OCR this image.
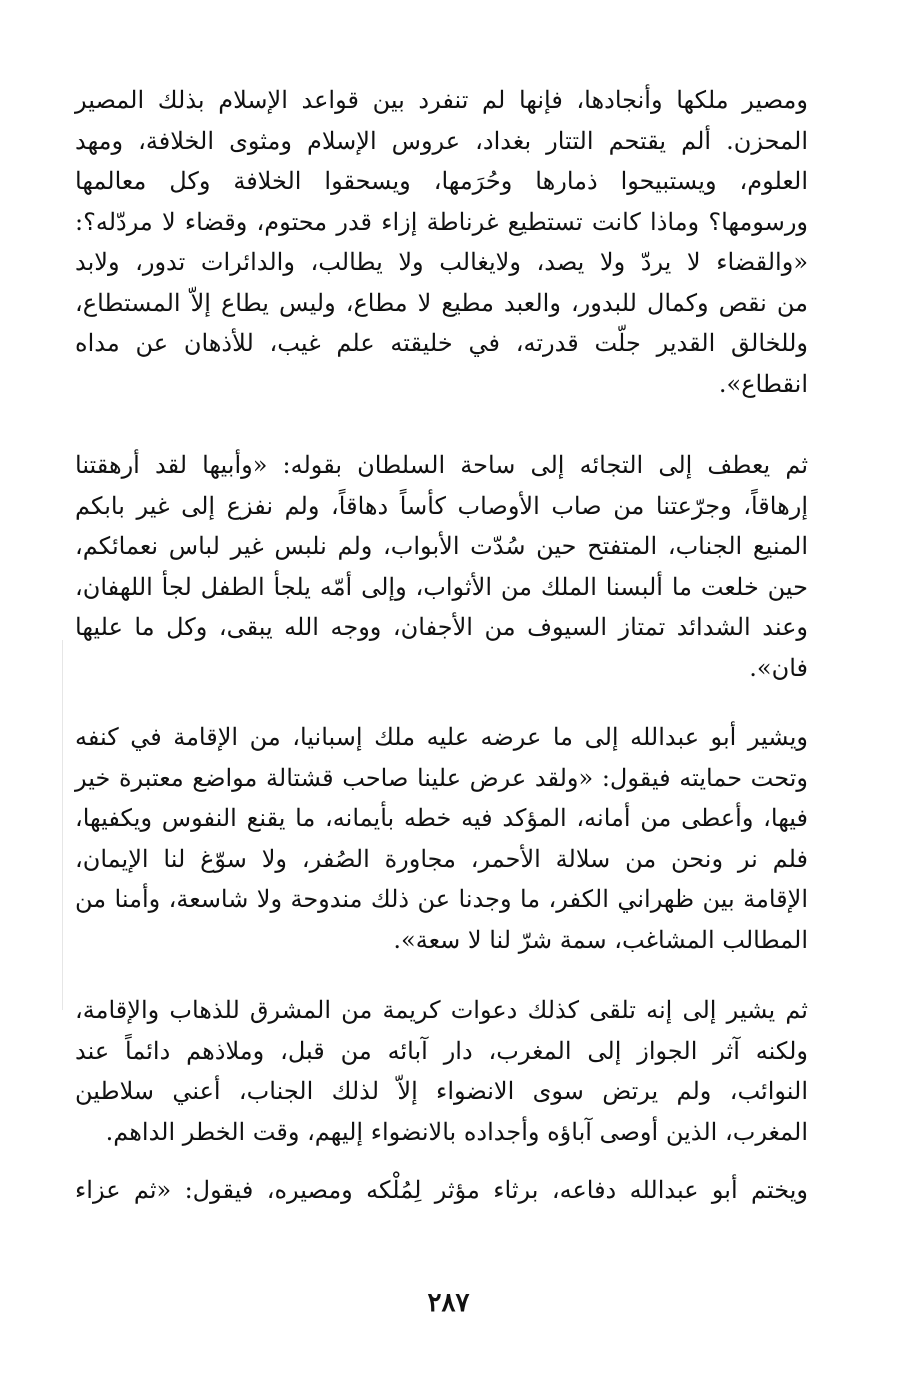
ومصير ملكها وأنجادها، فإنها لم تنفرد بين قواعد الإسلام بذلك المصير
المحزن. ألم يقتحم التتار بغداد، عروس الإسلام ومثوى الخلافة، ومهد
العلوم، ويستبيحوا ذمارها وحُرَمها، ويسحقوا الخلافة وكل معالمها
ورسومها؟ وماذا كانت تستطيع غرناطة إزاء قدر محتوم، وقضاء لا مردّله؟:
«والقضاء لا يردّ ولا يصد، ولايغالب ولا يطالب، والدائرات تدور، ولابد
من نقص وكمال للبدور، والعبد مطيع لا مطاع، وليس يطاع إلاّ المستطاع،
وللخالق القدير جلّت قدرته، في خليقته علم غيب، للأذهان عن مداه
انقطاع».
ثم يعطف إلى التجائه إلى ساحة السلطان بقوله: «وأبيها لقد أرهقتنا
إرهاقاً، وجرّعتنا من صاب الأوصاب كأساً دهاقاً، ولم نفزع إلى غير بابكم
المنيع الجناب، المتفتح حين سُدّت الأبواب، ولم نلبس غير لباس نعمائكم،
حين خلعت ما ألبسنا الملك من الأثواب، وإلى أمّه يلجأ الطفل لجأ اللهفان،
وعند الشدائد تمتاز السيوف من الأجفان، ووجه الله يبقى، وكل ما عليها
فان».
ويشير أبو عبدالله إلى ما عرضه عليه ملك إسبانيا، من الإقامة في كنفه
وتحت حمايته فيقول: «ولقد عرض علينا صاحب قشتالة مواضع معتبرة خير
فيها، وأعطى من أمانه، المؤكد فيه خطه بأيمانه، ما يقنع النفوس ويكفيها،
فلم نر ونحن من سلالة الأحمر، مجاورة الصُفر، ولا سوّغ لنا الإيمان،
الإقامة بين ظهراني الكفر، ما وجدنا عن ذلك مندوحة ولا شاسعة، وأمنا من
المطالب المشاغب، سمة شرّ لنا لا سعة».
ثم يشير إلى إنه تلقى كذلك دعوات كريمة من المشرق للذهاب والإقامة،
ولكنه آثر الجواز إلى المغرب، دار آبائه من قبل، وملاذهم دائماً عند
النوائب، ولم يرتض سوى الانضواء إلاّ لذلك الجناب، أعني سلاطين
المغرب، الذين أوصى آباؤه وأجداده بالانضواء إليهم، وقت الخطر الداهم.
ويختم أبو عبدالله دفاعه، برثاء مؤثر لِمُلْكه ومصيره، فيقول: «ثم عزاء
٢٨٧
